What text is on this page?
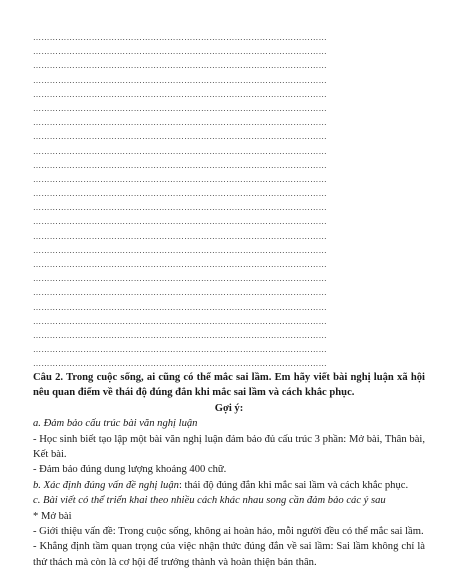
……………………………………………………………………………………………
……………………………………………………………………………………………
……………………………………………………………………………………………
……………………………………………………………………………………………
……………………………………………………………………………………………
……………………………………………………………………………………………
……………………………………………………………………………………………
……………………………………………………………………………………………
……………………………………………………………………………………………
……………………………………………………………………………………………
……………………………………………………………………………………………
……………………………………………………………………………………………
……………………………………………………………………………………………
……………………………………………………………………………………………
……………………………………………………………………………………………
……………………………………………………………………………………………
……………………………………………………………………………………………
……………………………………………………………………………………………
……………………………………………………………………………………………
……………………………………………………………………………………………
……………………………………………………………………………………………
……………………………………………………………………………………………
……………………………………………………………………………………………
……………………………………………………………………………………………

Câu 2. Trong cuộc sống, ai cũng có thể mắc sai lầm. Em hãy viết bài nghị luận xã hội nêu quan điểm về thái độ đúng đắn khi mắc sai lầm và cách khắc phục.

Gợi ý:

a. Đảm bảo cấu trúc bài văn nghị luận

- Học sinh biết tạo lập một bài văn nghị luận đảm bảo đủ cấu trúc 3 phần: Mở bài, Thân bài, Kết bài.

- Đảm bảo đúng dung lượng khoảng 400 chữ.

b. Xác định đúng vấn đề nghị luận: thái độ đúng đắn khi mắc sai lầm và cách khắc phục.

c. Bài viết có thể triển khai theo nhiều cách khác nhau song cần đảm bảo các ý sau

* Mở bài

- Giới thiệu vấn đề: Trong cuộc sống, không ai hoàn hảo, mỗi người đều có thể mắc sai lầm.

- Khẳng định tầm quan trọng của việc nhận thức đúng đắn về sai lầm: Sai lầm không chỉ là thử thách mà còn là cơ hội để trưởng thành và hoàn thiện bản thân.
